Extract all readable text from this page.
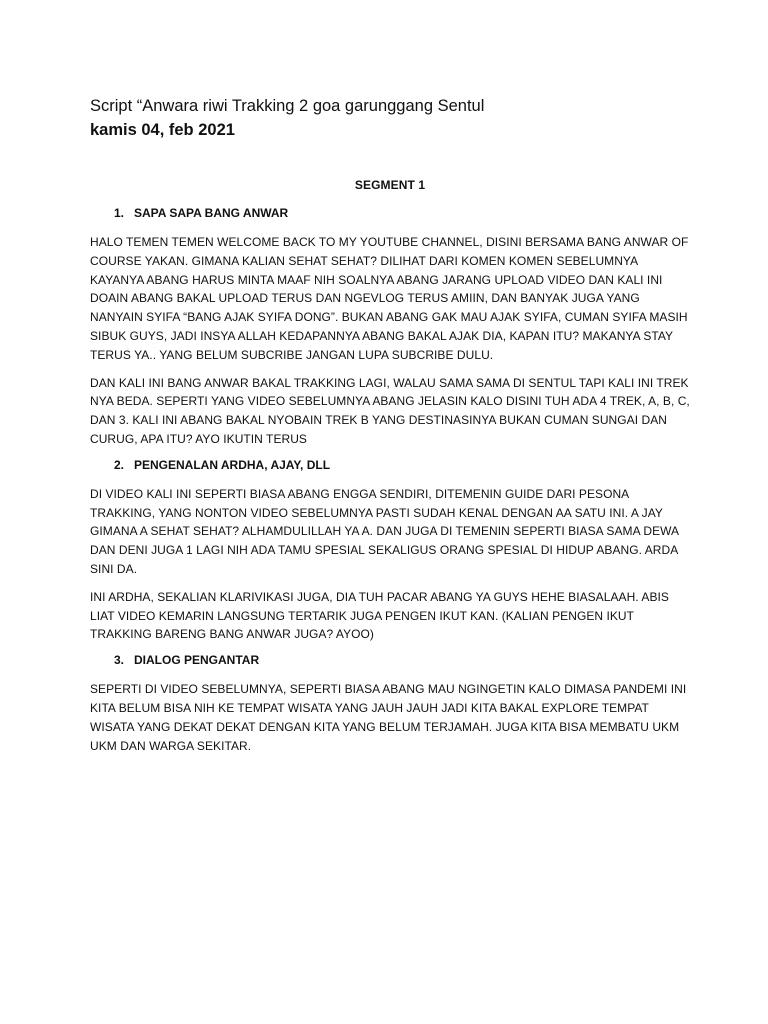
Script “Anwara riwi Trakking 2 goa garunggang Sentul

kamis 04, feb 2021

SEGMENT 1

1. SAPA SAPA BANG ANWAR

HALO TEMEN TEMEN WELCOME BACK TO MY YOUTUBE CHANNEL, DISINI BERSAMA BANG ANWAR OF COURSE YAKAN. GIMANA KALIAN SEHAT SEHAT? DILIHAT DARI KOMEN KOMEN SEBELUMNYA KAYANYA ABANG HARUS MINTA MAAF NIH SOALNYA ABANG JARANG UPLOAD VIDEO DAN KALI INI DOAIN ABANG BAKAL UPLOAD TERUS DAN NGEVLOG TERUS AMIIN, DAN BANYAK JUGA YANG NANYAIN SYIFA “BANG AJAK SYIFA DONG”. BUKAN ABANG GAK MAU AJAK SYIFA, CUMAN SYIFA MASIH SIBUK GUYS, JADI INSYA ALLAH KEDAPANNYA ABANG BAKAL AJAK DIA, KAPAN ITU? MAKANYA STAY TERUS YA.. YANG BELUM SUBCRIBE JANGAN LUPA SUBCRIBE DULU.

DAN KALI INI BANG ANWAR BAKAL TRAKKING LAGI, WALAU SAMA SAMA DI SENTUL TAPI KALI INI TREK NYA BEDA. SEPERTI YANG VIDEO SEBELUMNYA ABANG JELASIN KALO DISINI TUH ADA 4 TREK, A, B, C, DAN 3. KALI INI ABANG BAKAL NYOBAIN TREK B YANG DESTINASINYA BUKAN CUMAN SUNGAI DAN CURUG, APA ITU? AYO IKUTIN TERUS

2. PENGENALAN ARDHA, AJAY, DLL

DI VIDEO KALI INI SEPERTI BIASA ABANG ENGGA SENDIRI, DITEMENIN GUIDE DARI PESONA TRAKKING, YANG NONTON VIDEO SEBELUMNYA PASTI SUDAH KENAL DENGAN AA SATU INI. A JAY GIMANA A SEHAT SEHAT? ALHAMDULILLAH YA A. DAN JUGA DI TEMENIN SEPERTI BIASA SAMA DEWA DAN DENI JUGA 1 LAGI NIH ADA TAMU SPESIAL SEKALIGUS ORANG SPESIAL DI HIDUP ABANG. ARDA SINI DA.

INI ARDHA, SEKALIAN KLARIVIKASI JUGA, DIA TUH PACAR ABANG YA GUYS HEHE BIASALAAH. ABIS LIAT VIDEO KEMARIN LANGSUNG TERTARIK JUGA PENGEN IKUT KAN. (KALIAN PENGEN IKUT TRAKKING BARENG BANG ANWAR JUGA? AYOO)

3. DIALOG PENGANTAR

SEPERTI DI VIDEO SEBELUMNYA, SEPERTI BIASA ABANG MAU NGINGETIN KALO DIMASA PANDEMI INI KITA BELUM BISA NIH KE TEMPAT WISATA YANG JAUH JAUH JADI KITA BAKAL EXPLORE TEMPAT WISATA YANG DEKAT DEKAT DENGAN KITA YANG BELUM TERJAMAH. JUGA KITA BISA MEMBATU UKM UKM DAN WARGA SEKITAR.
